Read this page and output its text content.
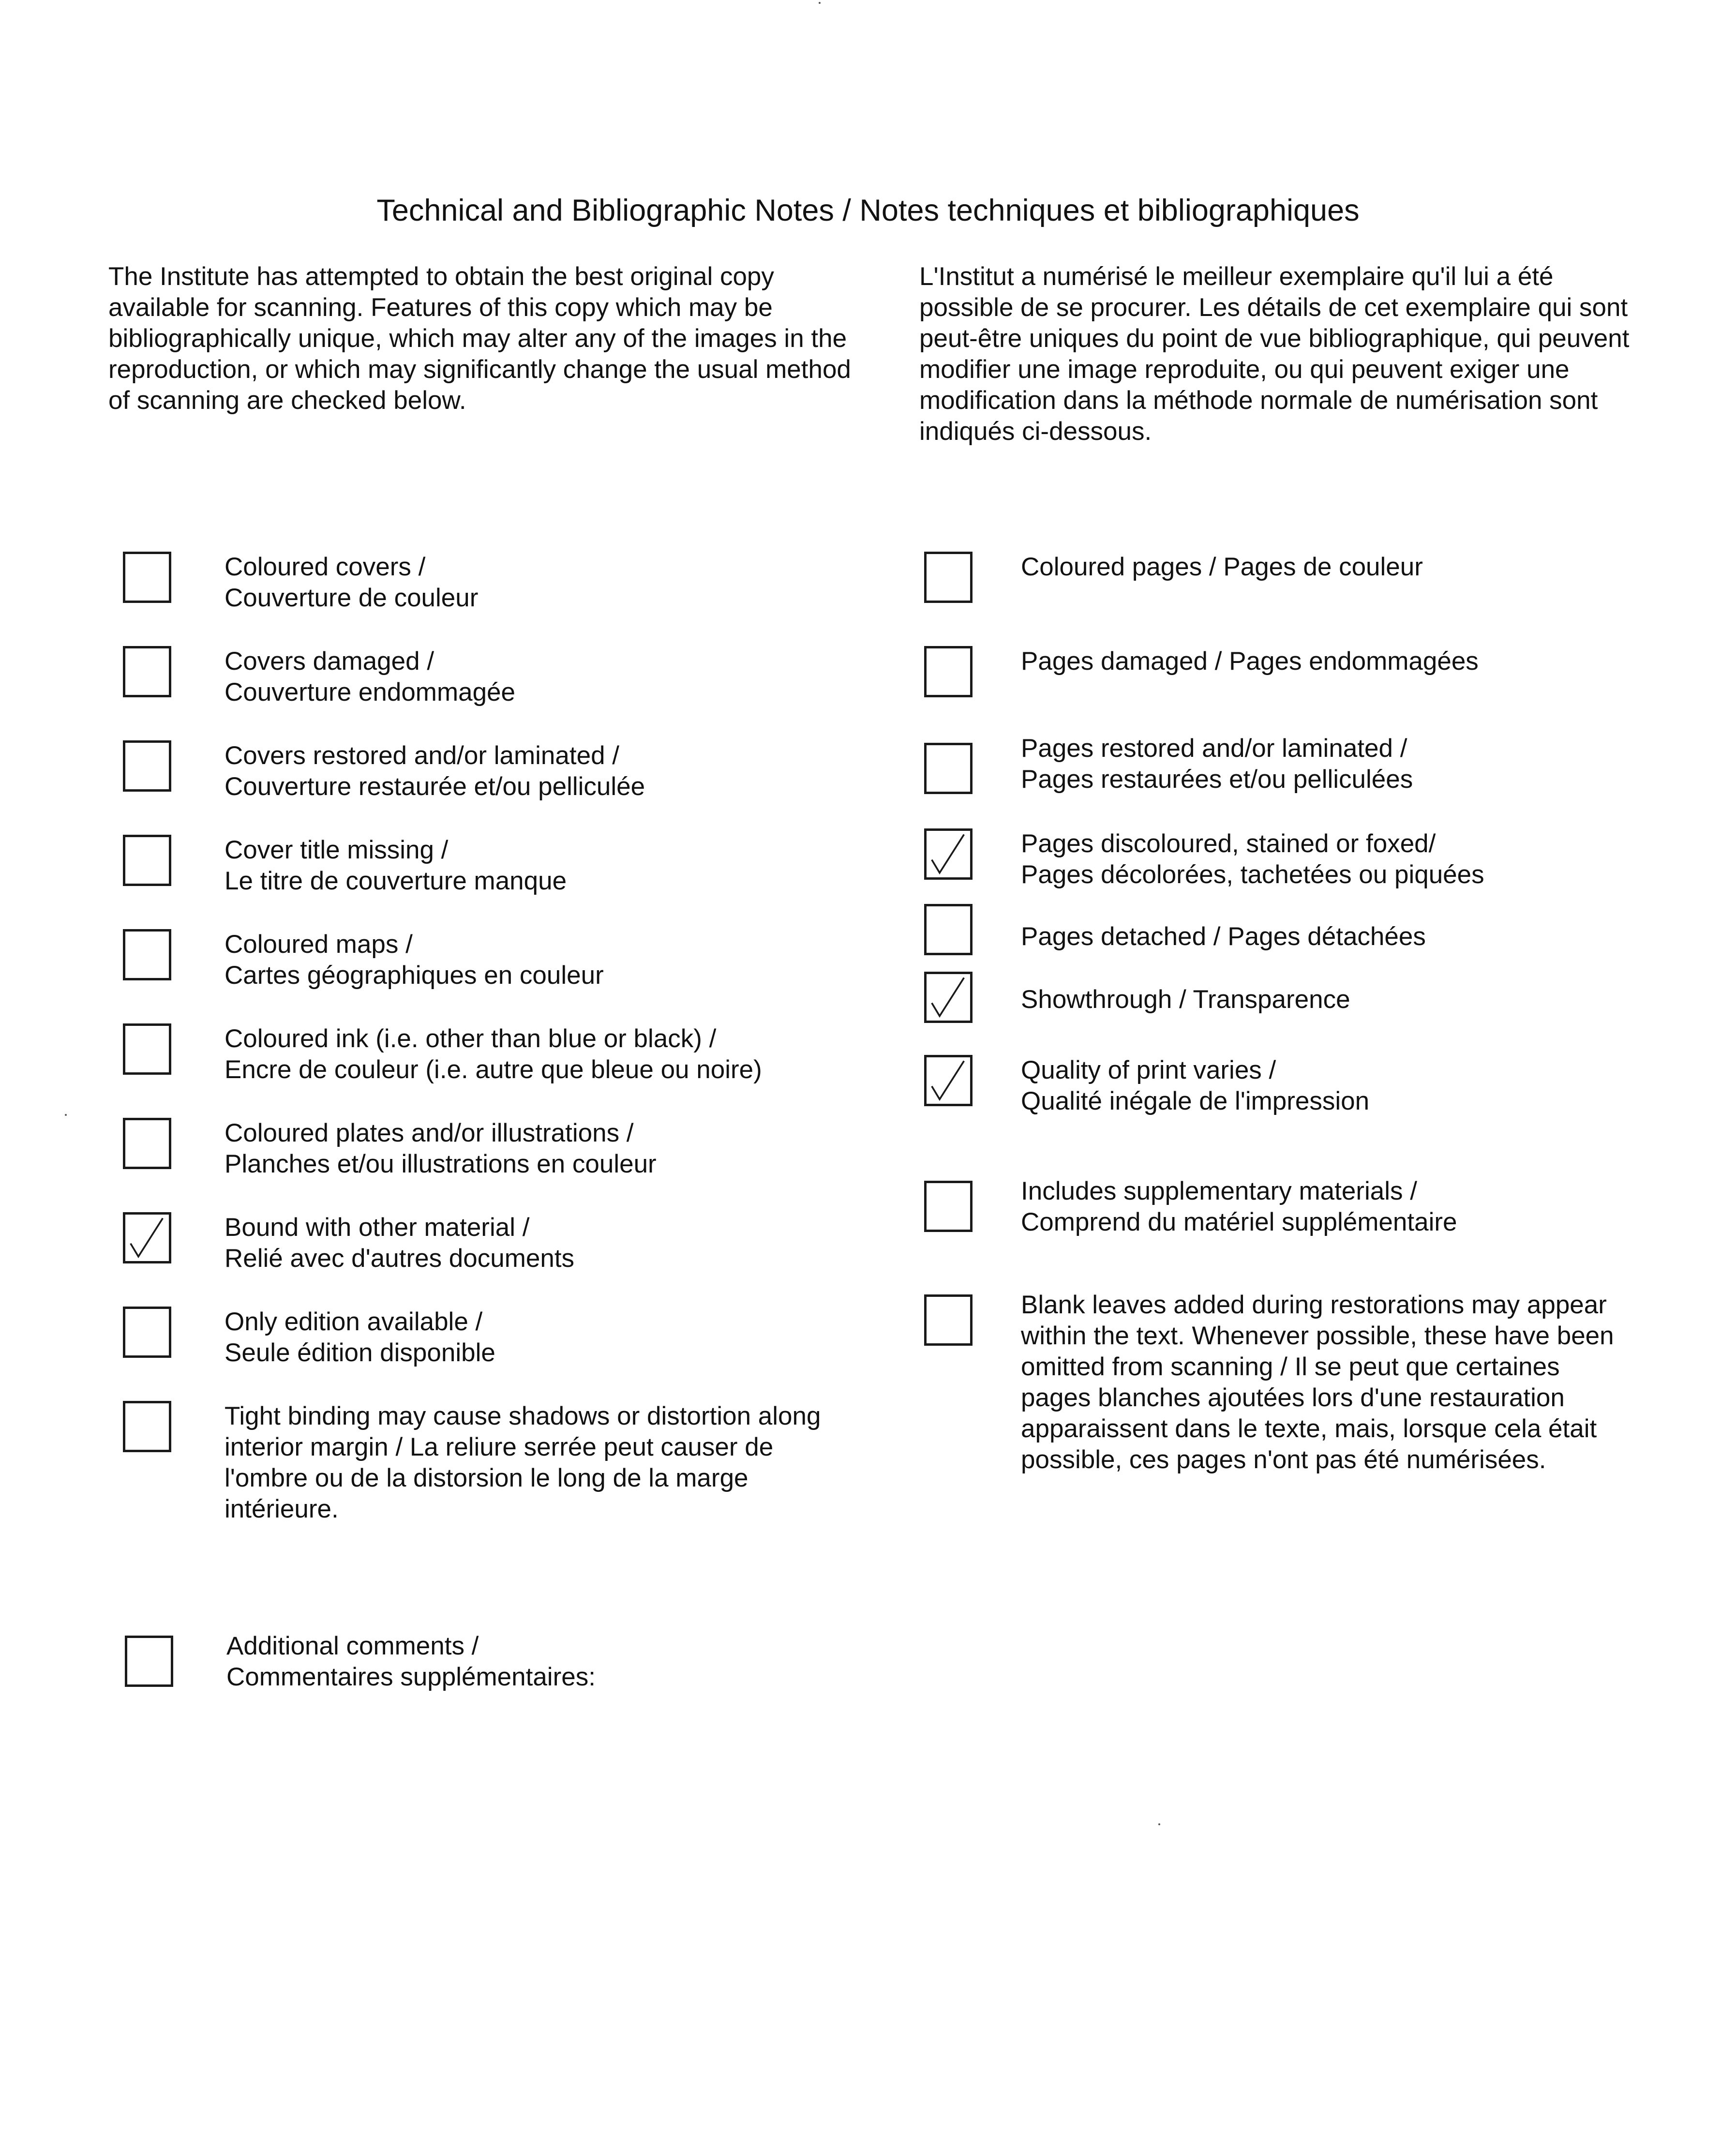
Technical and Bibliographic Notes / Notes techniques et bibliographiques

The Institute has attempted to obtain the best original copy available for scanning. Features of this copy which may be bibliographically unique, which may alter any of the images in the reproduction, or which may significantly change the usual method of scanning are checked below.

L'Institut a numérisé le meilleur exemplaire qu'il lui a été possible de se procurer. Les détails de cet exemplaire qui sont peut-être uniques du point de vue bibliographique, qui peuvent modifier une image reproduite, ou qui peuvent exiger une modification dans la méthode normale de numérisation sont indiqués ci-dessous.

Coloured covers /
Couverture de couleur
Covers damaged /
Couverture endommagée
Covers restored and/or laminated /
Couverture restaurée et/ou pelliculée
Cover title missing /
Le titre de couverture manque
Coloured maps /
Cartes géographiques en couleur
Coloured ink (i.e. other than blue or black) /
Encre de couleur (i.e. autre que bleue ou noire)
Coloured plates and/or illustrations /
Planches et/ou illustrations en couleur
Bound with other material /
Relié avec d'autres documents
Only edition available /
Seule édition disponible
Tight binding may cause shadows or distortion along interior margin / La reliure serrée peut causer de l'ombre ou de la distorsion le long de la marge intérieure.
Coloured pages / Pages de couleur
Pages damaged / Pages endommagées
Pages restored and/or laminated /
Pages restaurées et/ou pelliculées
Pages discoloured, stained or foxed/
Pages décolorées, tachetées ou piquées
Pages detached / Pages détachées
Showthrough / Transparence
Quality of print varies /
Qualité inégale de l'impression
Includes supplementary materials /
Comprend du matériel supplémentaire
Blank leaves added during restorations may appear within the text. Whenever possible, these have been omitted from scanning / Il se peut que certaines pages blanches ajoutées lors d'une restauration apparaissent dans le texte, mais, lorsque cela était possible, ces pages n'ont pas été numérisées.
Additional comments /
Commentaires supplémentaires:
